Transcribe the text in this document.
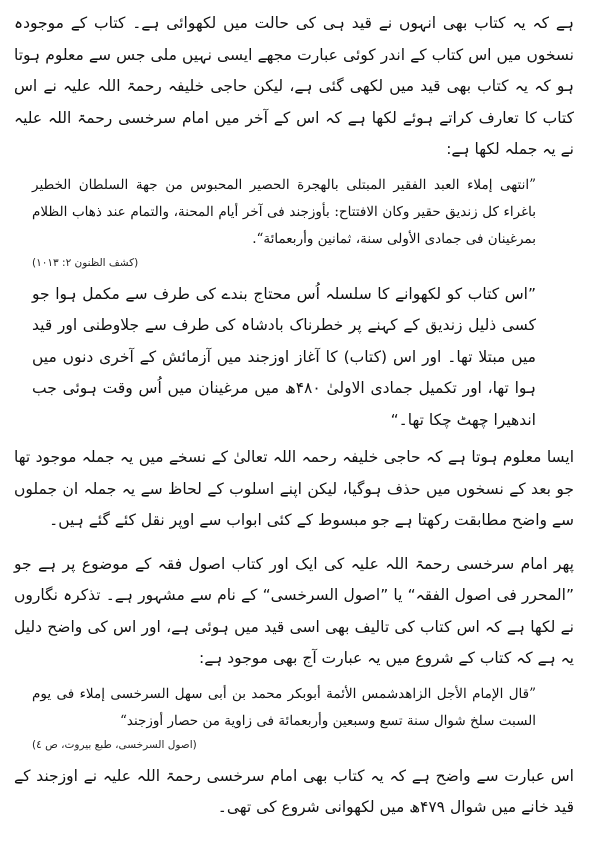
ہے کہ یہ کتاب بھی انہوں نے قید ہی کی حالت میں لکھوائی ہے۔ کتاب کے موجودہ نسخوں میں اس کتاب کے اندر کوئی عبارت مجھے ایسی نہیں ملی جس سے معلوم ہوتا ہو کہ یہ کتاب بھی قید میں لکھی گئی ہے، لیکن حاجی خلیفہ رحمۃ اللہ علیہ نے اس کتاب کا تعارف کراتے ہوئے لکھا ہے کہ اس کے آخر میں امام سرخسی رحمۃ اللہ علیہ نے یہ جملہ لکھا ہے:

”انتهى إملاء العبد الفقير المبتلى بالهجرة الحصير المحبوس من جهة السلطان الخطير باغراء كل زنديق حقير وكان الافتتاح: بأوزجند فى آخر أيام المحنة، والتمام عند ذهاب الظلام بمرغينان فى جمادى الأولى سنة، ثمانين وأربعمائة“.

(كشف الظنون ٢: ١٠١٣)

”اس کتاب کو لکھوانے کا سلسلہ اُس محتاج بندے کی طرف سے مکمل ہوا جو کسی ذلیل زندیق کے کہنے پر خطرناک بادشاہ کی طرف سے جلاوطنی اور قید میں مبتلا تھا۔ اور اس (کتاب) کا آغاز اوزجند میں آزمائش کے آخری دنوں میں ہوا تھا، اور تکمیل جمادی الاولیٰ ۴۸۰ھ میں مرغینان میں اُس وقت ہوئی جب اندھیرا چھٹ چکا تھا۔“

ایسا معلوم ہوتا ہے کہ حاجی خلیفہ رحمہ اللہ تعالیٰ کے نسخے میں یہ جملہ موجود تھا جو بعد کے نسخوں میں حذف ہوگیا، لیکن اپنے اسلوب کے لحاظ سے یہ جملہ ان جملوں سے واضح مطابقت رکھتا ہے جو مبسوط کے کئی ابواب سے اوپر نقل کئے گئے ہیں۔

پھر امام سرخسی رحمۃ اللہ علیہ کی ایک اور کتاب اصول فقہ کے موضوع پر ہے جو ”المحرر فی اصول الفقہ“ یا ”اصول السرخسی“ کے نام سے مشہور ہے۔ تذکرہ نگاروں نے لکھا ہے کہ اس کتاب کی تالیف بھی اسی قید میں ہوئی ہے، اور اس کی واضح دلیل یہ ہے کہ کتاب کے شروع میں یہ عبارت آج بھی موجود ہے:

”قال الإمام الأجل الزاهدشمس الأئمة أبوبكر محمد بن أبى سهل السرخسى إملاء فى يوم السبت سلخ شوال سنة تسع وسبعين وأربعمائة فى زاوية من حصار أوزجند“

(اصول السرخسی، طبع بیروت، ص ٤)

اس عبارت سے واضح ہے کہ یہ کتاب بھی امام سرخسی رحمۃ اللہ علیہ نے اوزجند کے قید خانے میں شوال ۴۷۹ھ میں لکھوانی شروع کی تھی۔
